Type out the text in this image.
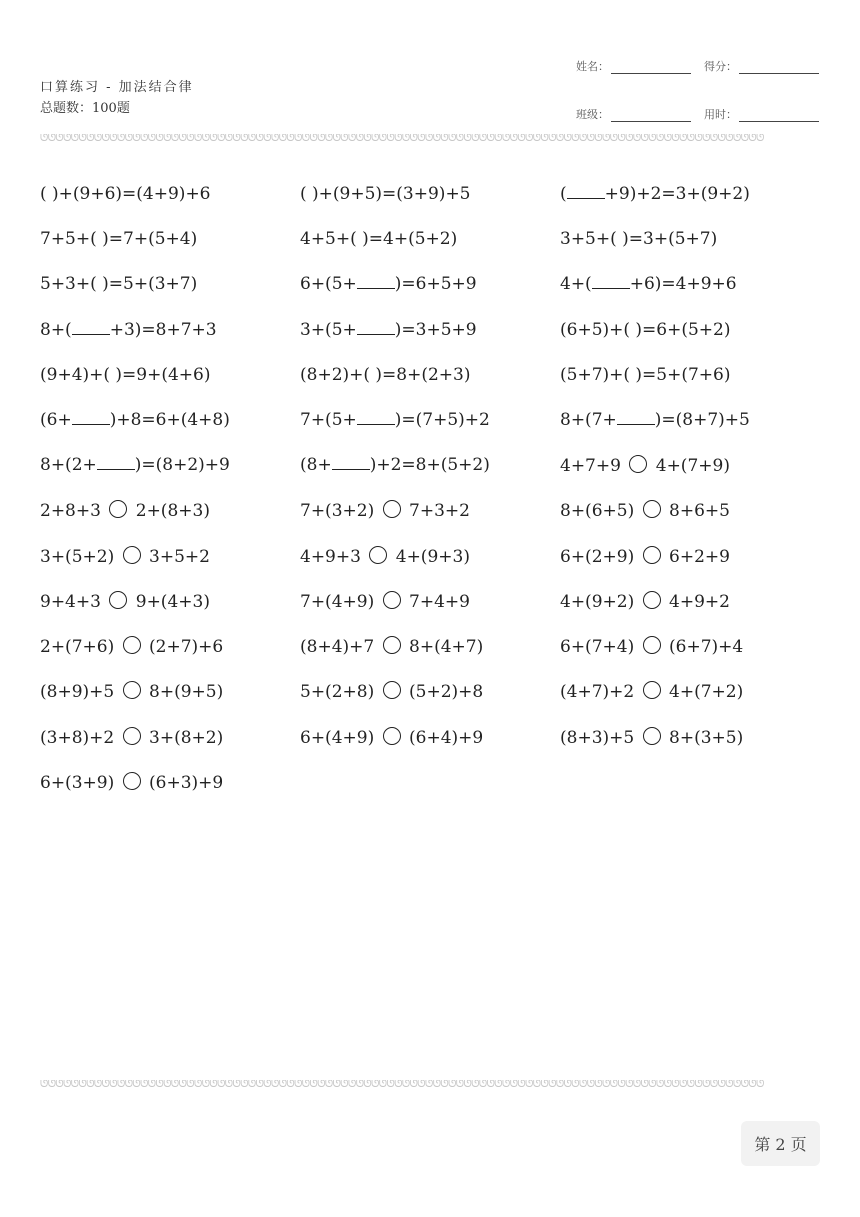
口算练习 - 加法结合律
总题数：100题
姓名：	得分：
班级：	用时：
ᘎᘎᘎᘎᘎᘎᘎᘎᘎᘎᘎᘎᘎᘎᘎᘎᘎᘎᘎᘎᘎᘎᘎᘎᘎᘎᘎᘎᘎᘎᘎᘎᘎᘎᘎᘎᘎᘎᘎᘎᘎᘎᘎᘎᘎᘎᘎᘎᘎᘎᘎᘎᘎᘎᘎᘎᘎᘎᘎᘎᘎᘎᘎᘎᘎᘎᘎᘎᘎᘎᘎᘎᘎᘎᘎᘎᘎᘎᘎᘎᘎᘎᘎᘎᘎᘎᘎᘎᘎᘎᘎᘎᘎᘎ
( )+(9+6)=(4+9)+6	( )+(9+5)=(3+9)+5	( +9)+2=3+(9+2)
7+5+( )=7+(5+4)	4+5+( )=4+(5+2)	3+5+( )=3+(5+7)
5+3+( )=5+(3+7)	6+(5+ )=6+5+9	4+( +6)=4+9+6
8+( +3)=8+7+3	3+(5+ )=3+5+9	(6+5)+( )=6+(5+2)
(9+4)+( )=9+(4+6)	(8+2)+( )=8+(2+3)	(5+7)+( )=5+(7+6)
(6+ )+8=6+(4+8)	7+(5+ )=(7+5)+2	8+(7+ )=(8+7)+5
8+(2+ )=(8+2)+9	(8+ )+2=8+(5+2)	4+7+9  4+(7+9)
2+8+3  2+(8+3)	7+(3+2)  7+3+2	8+(6+5)  8+6+5
3+(5+2)  3+5+2	4+9+3  4+(9+3)	6+(2+9)  6+2+9
9+4+3  9+(4+3)	7+(4+9)  7+4+9	4+(9+2)  4+9+2
2+(7+6)  (2+7)+6	(8+4)+7  8+(4+7)	6+(7+4)  (6+7)+4
(8+9)+5  8+(9+5)	5+(2+8)  (5+2)+8	(4+7)+2  4+(7+2)
(3+8)+2  3+(8+2)	6+(4+9)  (6+4)+9	(8+3)+5  8+(3+5)
6+(3+9)  (6+3)+9
ᘎᘎᘎᘎᘎᘎᘎᘎᘎᘎᘎᘎᘎᘎᘎᘎᘎᘎᘎᘎᘎᘎᘎᘎᘎᘎᘎᘎᘎᘎᘎᘎᘎᘎᘎᘎᘎᘎᘎᘎᘎᘎᘎᘎᘎᘎᘎᘎᘎᘎᘎᘎᘎᘎᘎᘎᘎᘎᘎᘎᘎᘎᘎᘎᘎᘎᘎᘎᘎᘎᘎᘎᘎᘎᘎᘎᘎᘎᘎᘎᘎᘎᘎᘎᘎᘎᘎᘎᘎᘎᘎᘎᘎᘎ
第 2 页
